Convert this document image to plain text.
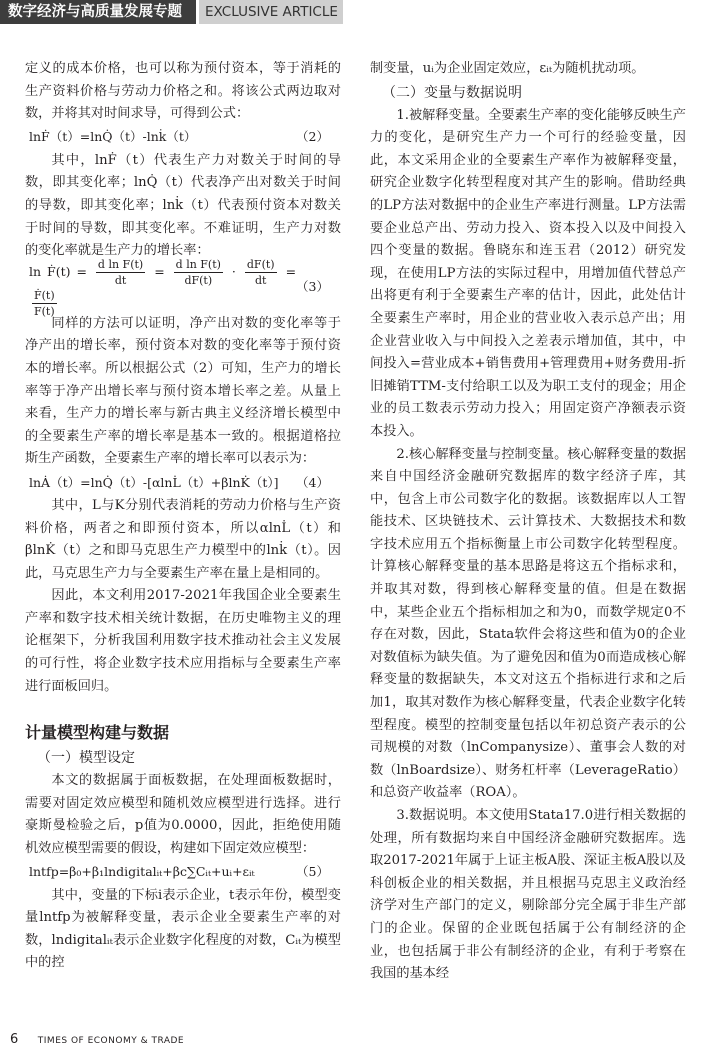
数字经济与高质量发展专题	EXCLUSIVE ARTICLE

定义的成本价格，也可以称为预付资本，等于消耗的生产资料价格与劳动力价格之和。将该公式两边取对数，并将其对时间求导，可得到公式：

lnḞ（t）=lnQ̇（t）-lnk̇（t）	（2）

其中，lnḞ（t）代表生产力对数关于时间的导数，即其变化率；lnQ̇（t）代表净产出对数关于时间的导数，即其变化率；lnk̇（t）代表预付资本对数关于时间的导数，即其变化率。不难证明，生产力对数的变化率就是生产力的增长率：

ln Ḟ(t) = $\frac{\text{d ln F(t)}}{dt} = \frac{\text{d ln F(t)}}{dF(t)} \cdot \frac{dF(t)}{dt}$ =
$\frac{\text{Ḟ(t)}}{F(t)}$
（3）

同样的方法可以证明，净产出对数的变化率等于净产出的增长率，预付资本对数的变化率等于预付资本的增长率。所以根据公式（2）可知，生产力的增长率等于净产出增长率与预付资本增长率之差。从量上来看，生产力的增长率与新古典主义经济增长模型中的全要素生产率的增长率是基本一致的。根据道格拉斯生产函数，全要素生产率的增长率可以表示为：

lnȦ（t）=lnQ̇（t）-[αlnL̇（t）+βlnK̇（t）] （4）

其中，L与K分别代表消耗的劳动力价格与生产资料价格，两者之和即预付资本，所以αlnL̇（t）和βlnK̇（t）之和即马克思生产力模型中的lnk̇（t）。因此，马克思生产力与全要素生产率在量上是相同的。

因此，本文利用2017-2021年我国企业全要素生产率和数字技术相关统计数据，在历史唯物主义的理论框架下，分析我国利用数字技术推动社会主义发展的可行性，将企业数字技术应用指标与全要素生产率进行面板回归。

计量模型构建与数据
（一）模型设定

本文的数据属于面板数据，在处理面板数据时，需要对固定效应模型和随机效应模型进行选择。进行豪斯曼检验之后，p值为0.0000，因此，拒绝使用随机效应模型需要的假设，构建如下固定效应模型：

lntfp=β₀+β₁lndigitalᵢₜ+βc∑Cᵢₜ+uᵢ+εᵢₜ	（5）

其中，变量的下标i表示企业，t表示年份，模型变量lntfp为被解释变量，表示企业全要素生产率的对数，lndigitalᵢₜ表示企业数字化程度的对数，Cᵢₜ为模型中的控

制变量，uᵢ为企业固定效应，εᵢₜ为随机扰动项。

（二）变量与数据说明

1.被解释变量。全要素生产率的变化能够反映生产力的变化，是研究生产力一个可行的经验变量，因此，本文采用企业的全要素生产率作为被解释变量，研究企业数字化转型程度对其产生的影响。借助经典的LP方法对数据中的企业生产率进行测量。LP方法需要企业总产出、劳动力投入、资本投入以及中间投入四个变量的数据。鲁晓东和连玉君（2012）研究发现，在使用LP方法的实际过程中，用增加值代替总产出将更有利于全要素生产率的估计，因此，此处估计全要素生产率时，用企业的营业收入表示总产出；用企业营业收入与中间投入之差表示增加值，其中，中间投入=营业成本+销售费用+管理费用+财务费用-折旧摊销TTM-支付给职工以及为职工支付的现金；用企业的员工数表示劳动力投入；用固定资产净额表示资本投入。

2.核心解释变量与控制变量。核心解释变量的数据来自中国经济金融研究数据库的数字经济子库，其中，包含上市公司数字化的数据。该数据库以人工智能技术、区块链技术、云计算技术、大数据技术和数字技术应用五个指标衡量上市公司数字化转型程度。计算核心解释变量的基本思路是将这五个指标求和，并取其对数，得到核心解释变量的值。但是在数据中，某些企业五个指标相加之和为0，而数学规定0不存在对数，因此，Stata软件会将这些和值为0的企业对数值标为缺失值。为了避免因和值为0而造成核心解释变量的数据缺失，本文对这五个指标进行求和之后加1，取其对数作为核心解释变量，代表企业数字化转型程度。模型的控制变量包括以年初总资产表示的公司规模的对数（lnCompanysize）、董事会人数的对数（lnBoardsize）、财务杠杆率（LeverageRatio）和总资产收益率（ROA）。

3.数据说明。本文使用Stata17.0进行相关数据的处理，所有数据均来自中国经济金融研究数据库。选取2017-2021年属于上证主板A股、深证主板A股以及科创板企业的相关数据，并且根据马克思主义政治经济学对生产部门的定义，剔除部分完全属于非生产部门的企业。保留的企业既包括属于公有制经济的企业，也包括属于非公有制经济的企业，有利于考察在我国的基本经

6 TIMES OF ECONOMY & TRADE
